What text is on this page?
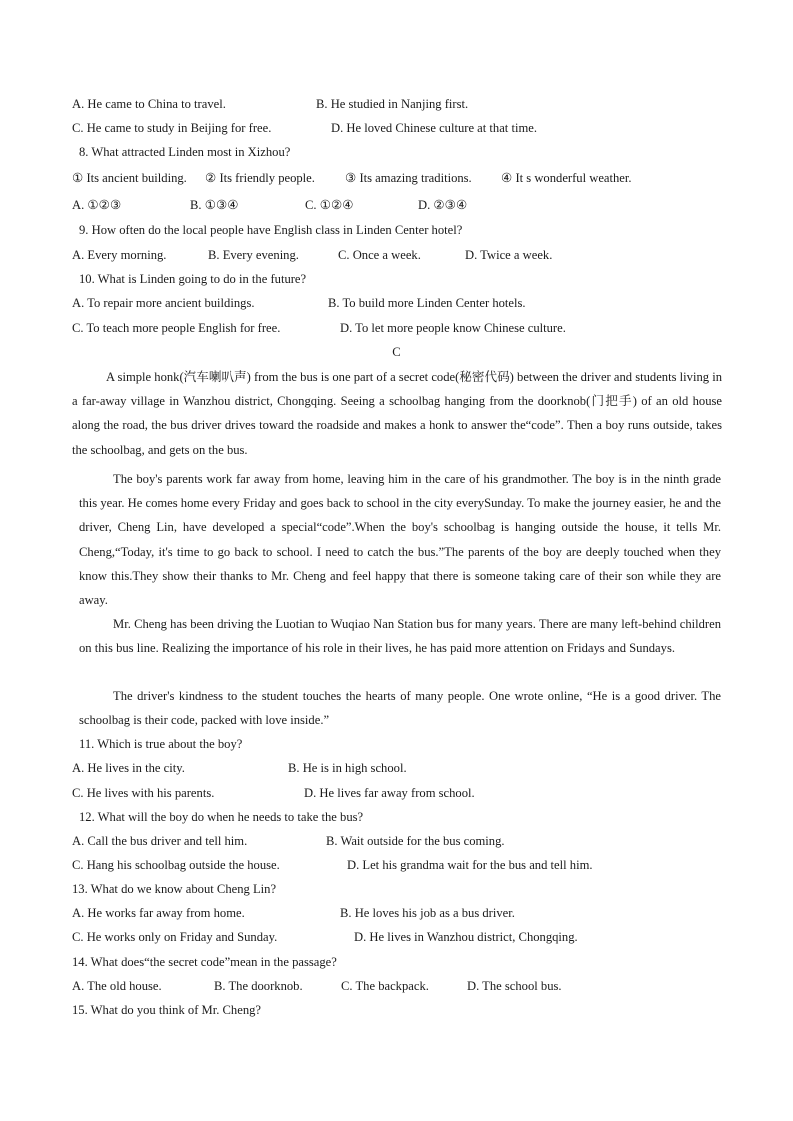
A. He came to China to travel.	B. He studied in Nanjing first.
C. He came to study in Beijing for free.	D. He loved Chinese culture at that time.
8. What attracted Linden most in Xizhou?
① Its ancient building. ② Its friendly people. ③ Its amazing traditions. ④ It s wonderful weather.
A. ①②③	B. ①③④	C. ①②④	D. ②③④
9. How often do the local people have English class in Linden Center hotel?
A. Every morning.	B. Every evening.	C. Once a week.	D. Twice a week.
10. What is Linden going to do in the future?
A. To repair more ancient buildings.	B. To build more Linden Center hotels.
C. To teach more people English for free.	D. To let more people know Chinese culture.
C
A simple honk(汽车喇叭声) from the bus is one part of a secret code(秘密代码) between the driver and students living in a far-away village in Wanzhou district, Chongqing. Seeing a schoolbag hanging from the doorknob(门把手) of an old house along the road, the bus driver drives toward the roadside and makes a honk to answer the“code”. Then a boy runs outside, takes the schoolbag, and gets on the bus.
The boy's parents work far away from home, leaving him in the care of his grandmother. The boy is in the ninth grade this year. He comes home every Friday and goes back to school in the city everySunday. To make the journey easier, he and the driver, Cheng Lin, have developed a special“code”.When the boy's schoolbag is hanging outside the house, it tells Mr. Cheng,“Today, it's time to go back to school. I need to catch the bus.”The parents of the boy are deeply touched when they know this.They show their thanks to Mr. Cheng and feel happy that there is someone taking care of their son while they are away.
Mr. Cheng has been driving the Luotian to Wuqiao Nan Station bus for many years. There are many left-behind children on this bus line. Realizing the importance of his role in their lives, he has paid more attention on Fridays and Sundays.
The driver's kindness to the student touches the hearts of many people. One wrote online, “He is a good driver. The schoolbag is their code, packed with love inside.”
11. Which is true about the boy?
A. He lives in the city.	B. He is in high school.
C. He lives with his parents.	D. He lives far away from school.
12. What will the boy do when he needs to take the bus?
A. Call the bus driver and tell him.	B. Wait outside for the bus coming.
C. Hang his schoolbag outside the house.	D. Let his grandma wait for the bus and tell him.
13. What do we know about Cheng Lin?
A. He works far away from home.	B. He loves his job as a bus driver.
C. He works only on Friday and Sunday.	D. He lives in Wanzhou district, Chongqing.
14. What does“the secret code”mean in the passage?
A. The old house.	B. The doorknob.	C. The backpack.	D. The school bus.
15. What do you think of Mr. Cheng?
